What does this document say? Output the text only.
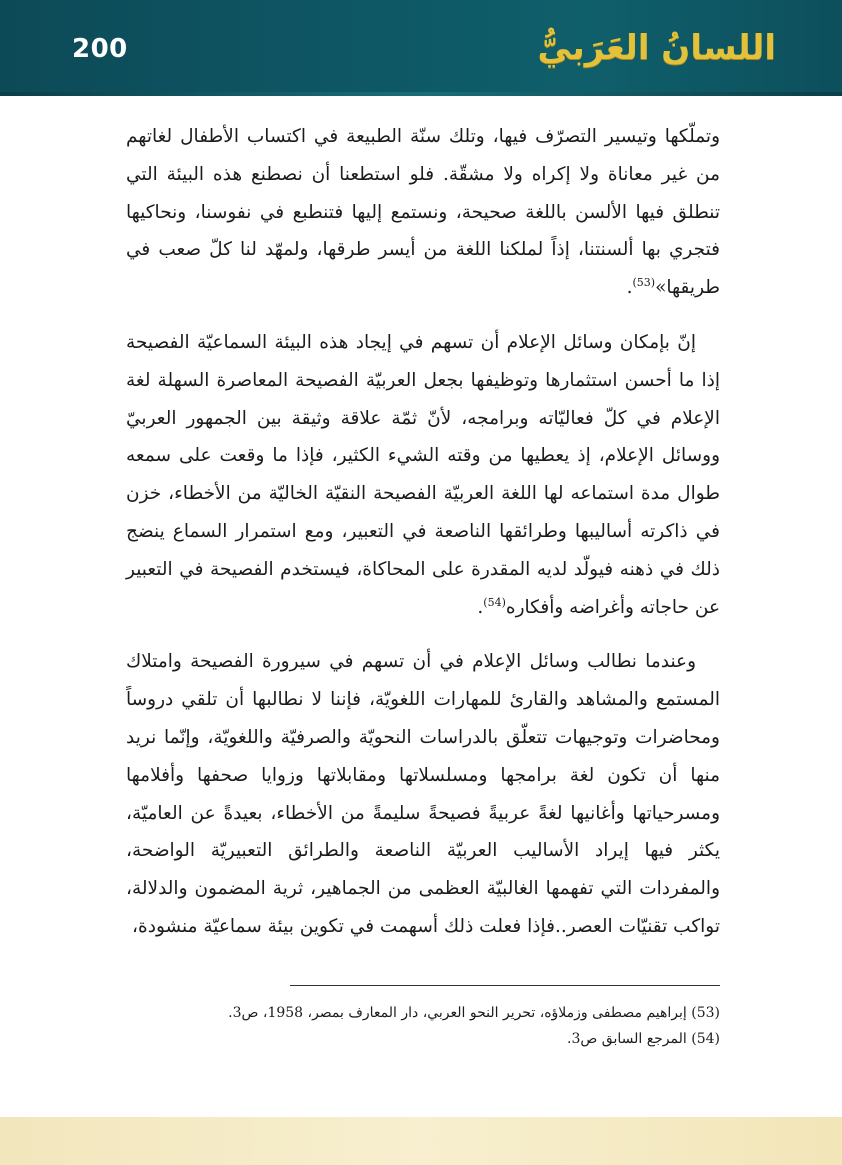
200	اللسانُ العَرَبيُّ

وتملّكها وتيسير التصرّف فيها، وتلك سنّة الطبيعة في اكتساب الأطفال لغاتهم من غير معاناة ولا إكراه ولا مشقّة. فلو استطعنا أن نصطنع هذه البيئة التي تنطلق فيها الألسن باللغة صحيحة، ونستمع إليها فتنطبع في نفوسنا، ونحاكيها فتجري بها ألسنتنا، إذاً لملكنا اللغة من أيسر طرقها، ولمهّد لنا كلّ صعب في طريقها»$^{(53)}$.

إنّ بإمكان وسائل الإعلام أن تسهم في إيجاد هذه البيئة السماعيّة الفصيحة إذا ما أحسن استثمارها وتوظيفها بجعل العربيّة الفصيحة المعاصرة السهلة لغة الإعلام في كلّ فعاليّاته وبرامجه، لأنّ ثمّة علاقة وثيقة بين الجمهور العربيّ ووسائل الإعلام، إذ يعطيها من وقته الشيء الكثير، فإذا ما وقعت على سمعه طوال مدة استماعه لها اللغة العربيّة الفصيحة النقيّة الخاليّة من الأخطاء، خزن في ذاكرته أساليبها وطرائقها الناصعة في التعبير، ومع استمرار السماع ينضج ذلك في ذهنه فيولّد لديه المقدرة على المحاكاة، فيستخدم الفصيحة في التعبير عن حاجاته وأغراضه وأفكاره$^{(54)}$.

وعندما نطالب وسائل الإعلام في أن تسهم في سيرورة الفصيحة وامتلاك المستمع والمشاهد والقارئ للمهارات اللغويّة، فإننا لا نطالبها أن تلقي دروساً ومحاضرات وتوجيهات تتعلّق بالدراسات النحويّة والصرفيّة واللغويّة، وإنّما نريد منها أن تكون لغة برامجها ومسلسلاتها ومقابلاتها وزوايا صحفها وأفلامها ومسرحياتها وأغانيها لغةً عربيةً فصيحةً سليمةً من الأخطاء، بعيدةً عن العاميّة، يكثر فيها إيراد الأساليب العربيّة الناصعة والطرائق التعبيريّة الواضحة، والمفردات التي تفهمها الغالبيّة العظمى من الجماهير، ثرية المضمون والدلالة، تواكب تقنيّات العصر..فإذا فعلت ذلك أسهمت في تكوين بيئة سماعيّة منشودة،

(53) إبراهيم مصطفى وزملاؤه، تحرير النحو العربي، دار المعارف بمصر، 1958، ص3.
(54) المرجع السابق ص3.
